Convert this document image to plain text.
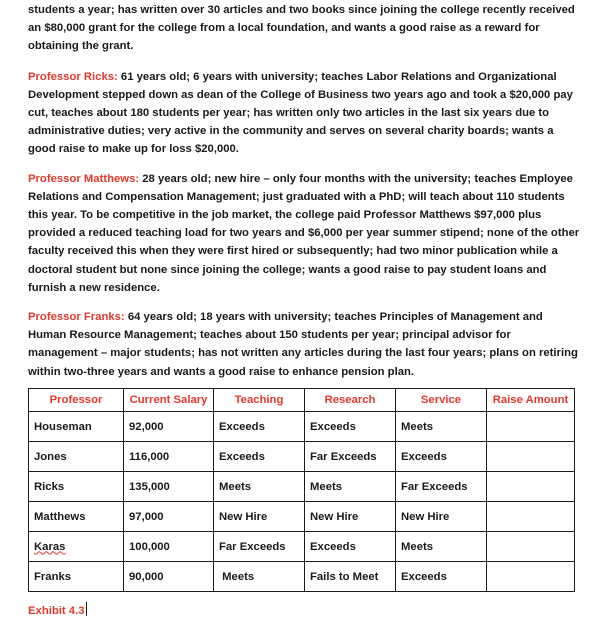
students a year; has written over 30 articles and two books since joining the college recently received an $80,000 grant for the college from a local foundation, and wants a good raise as a reward for obtaining the grant.

Professor Ricks: 61 years old; 6 years with university; teaches Labor Relations and Organizational Development stepped down as dean of the College of Business two years ago and took a $20,000 pay cut, teaches about 180 students per year; has written only two articles in the last six years due to administrative duties; very active in the community and serves on several charity boards; wants a good raise to make up for loss $20,000.

Professor Matthews: 28 years old; new hire – only four months with the university; teaches Employee Relations and Compensation Management; just graduated with a PhD; will teach about 110 students this year. To be competitive in the job market, the college paid Professor Matthews $97,000 plus provided a reduced teaching load for two years and $6,000 per year summer stipend; none of the other faculty received this when they were first hired or subsequently; had two minor publication while a doctoral student but none since joining the college; wants a good raise to pay student loans and furnish a new residence.

Professor Franks: 64 years old; 18 years with university; teaches Principles of Management and Human Resource Management; teaches about 150 students per year; principal advisor for management – major students; has not written any articles during the last four years; plans on retiring within two-three years and wants a good raise to enhance pension plan.

Professor	Current Salary	Teaching	Research	Service	Raise Amount
Houseman	92,000	Exceeds	Exceeds	Meets	
Jones	116,000	Exceeds	Far Exceeds	Exceeds	
Ricks	135,000	Meets	Meets	Far Exceeds	
Matthews	97,000	New Hire	New Hire	New Hire	
Karas	100,000	Far Exceeds	Exceeds	Meets	
Franks	90,000	Meets	Fails to Meet	Exceeds	
Exhibit 4.3
